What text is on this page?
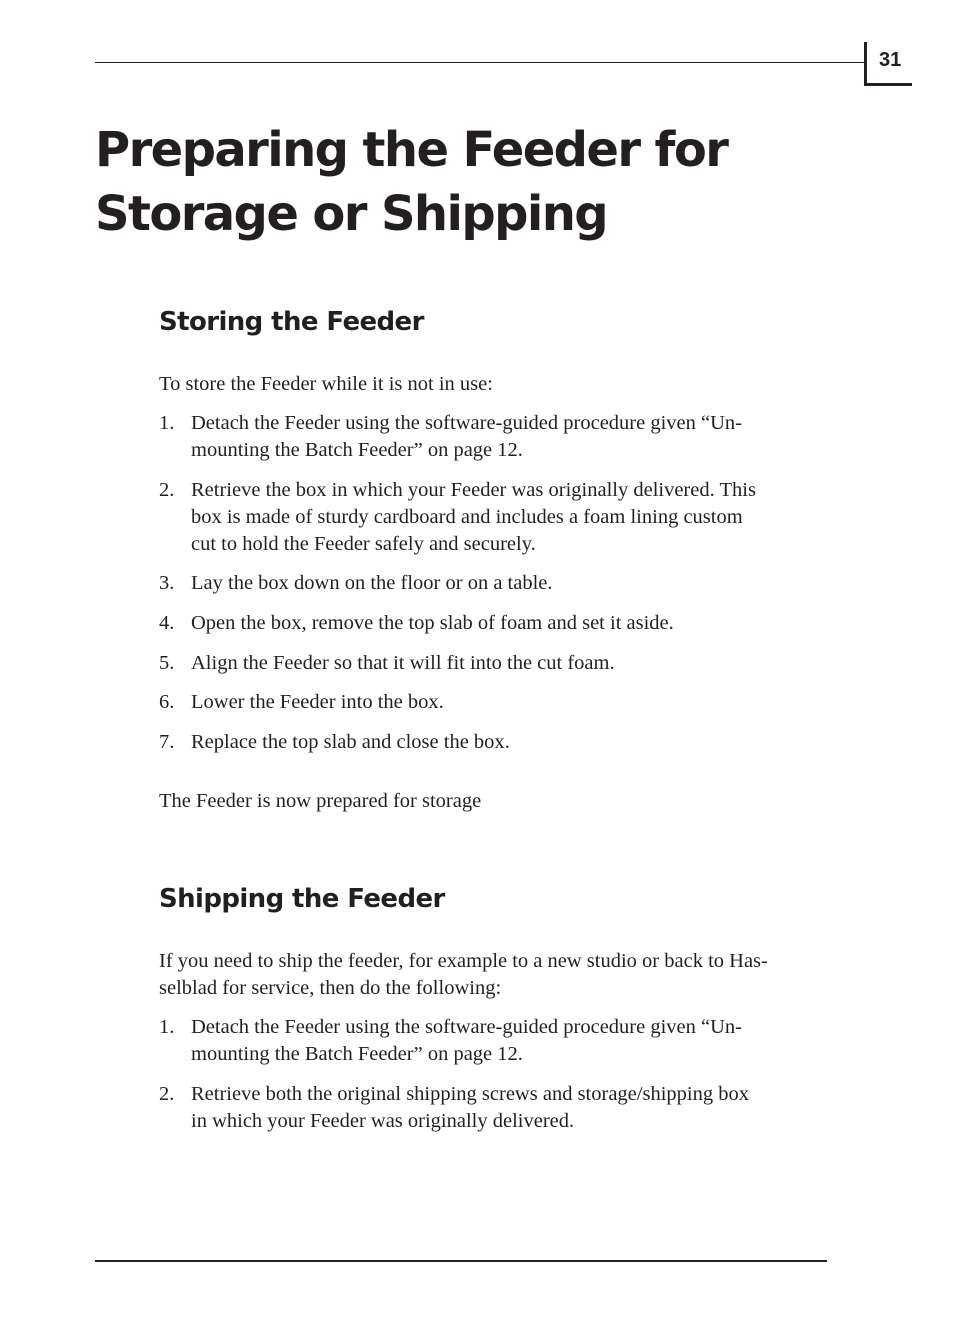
31
Preparing the Feeder for
Storage or Shipping
Storing the Feeder

To store the Feeder while it is not in use:

1. Detach the Feeder using the software-guided procedure given “Un-
mounting the Batch Feeder” on page 12.
2. Retrieve the box in which your Feeder was originally delivered. This
box is made of sturdy cardboard and includes a foam lining custom
cut to hold the Feeder safely and securely.
3. Lay the box down on the floor or on a table.
4. Open the box, remove the top slab of foam and set it aside.
5. Align the Feeder so that it will fit into the cut foam.
6. Lower the Feeder into the box.
7. Replace the top slab and close the box.

The Feeder is now prepared for storage

Shipping the Feeder

If you need to ship the feeder, for example to a new studio or back to Has-
selblad for service, then do the following:

1. Detach the Feeder using the software-guided procedure given “Un-
mounting the Batch Feeder” on page 12.
2. Retrieve both the original shipping screws and storage/shipping box
in which your Feeder was originally delivered.
